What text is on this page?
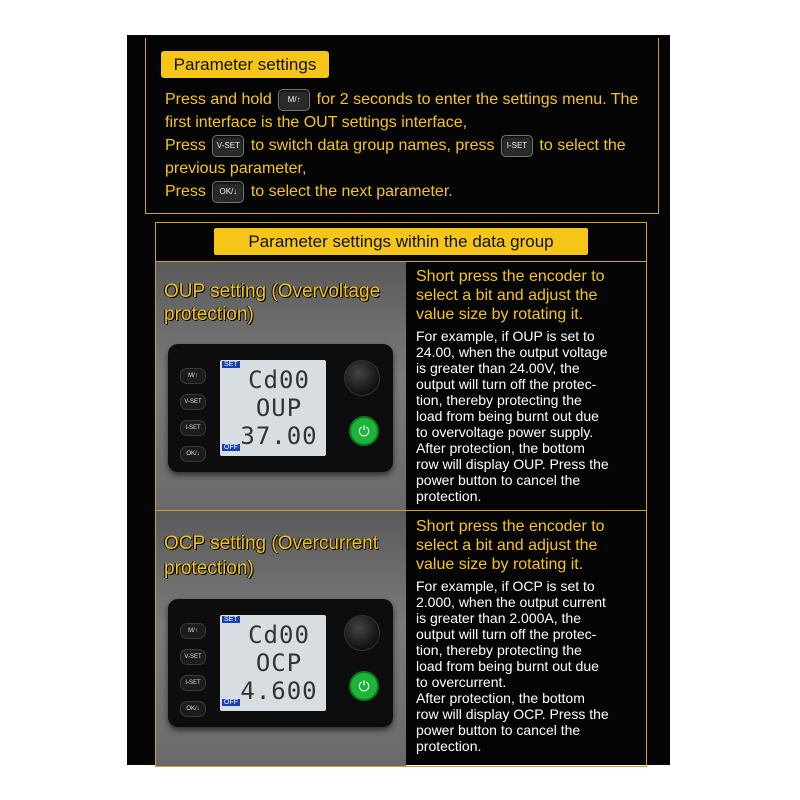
Parameter settings
Press and hold M/↑ for 2 seconds to enter the settings menu. The
first interface is the OUT settings interface,
Press V-SET to switch data group names, press I-SET to select the
previous parameter,
Press OK/↓ to select the next parameter.
Parameter settings within the data group
OUP setting (Overvoltage
protection)
M/↑
V-SET
I-SET
OK/↓
SET
Cd00
OUP
37.00
OFF
⏻
OCP setting (Overcurrent
protection)
M/↑
V-SET
I-SET
OK/↓
SET
Cd00
OCP
4.600
OFF
⏻
Short press the encoder to
select a bit and adjust the
value size by rotating it.
For example, if OUP is set to
24.00, when the output voltage
is greater than 24.00V, the
output will turn off the protec-
tion, thereby protecting the
load from being burnt out due
to overvoltage power supply.
After protection, the bottom
row will display OUP. Press the
power button to cancel the
protection.
Short press the encoder to
select a bit and adjust the
value size by rotating it.
For example, if OCP is set to
2.000, when the output current
is greater than 2.000A, the
output will turn off the protec-
tion, thereby protecting the
load from being burnt out due
to overcurrent.
After protection, the bottom
row will display OCP. Press the
power button to cancel the
protection.
